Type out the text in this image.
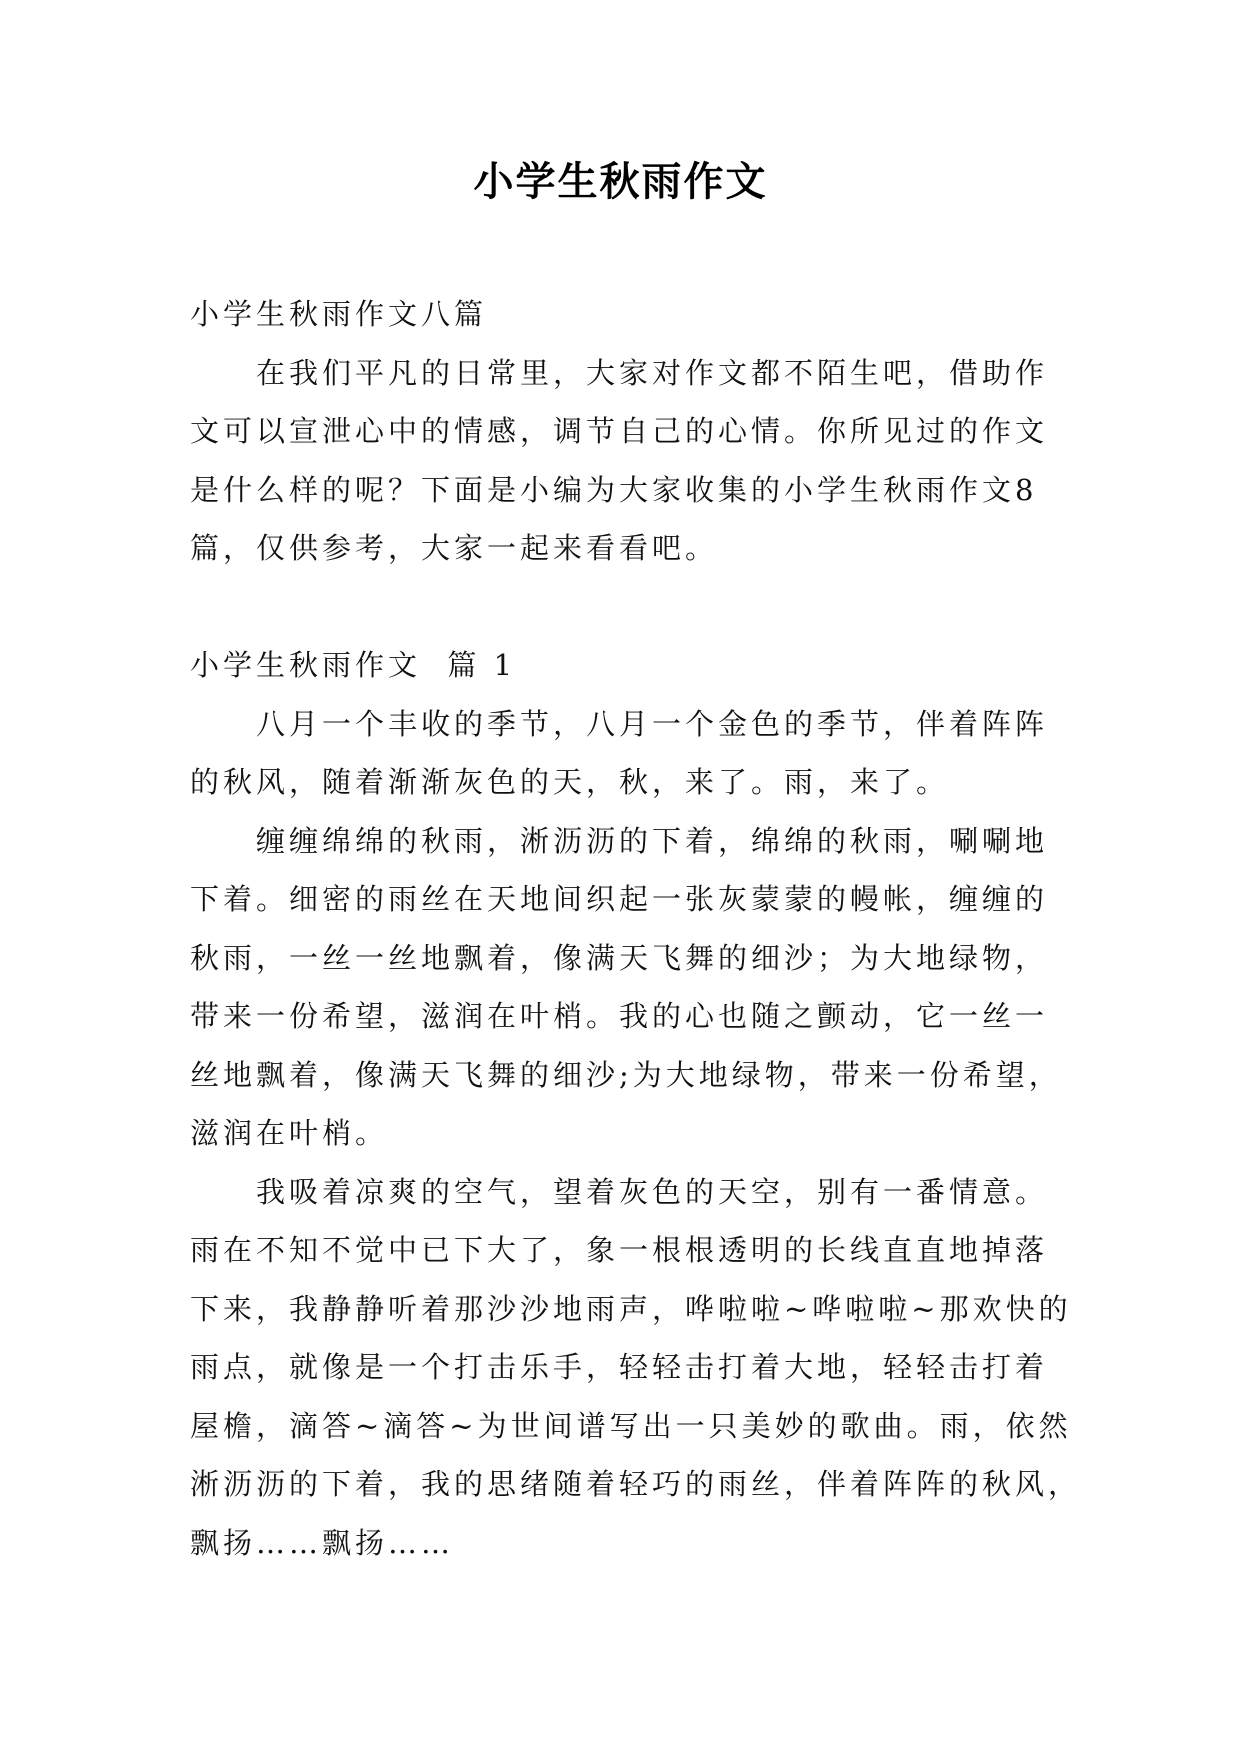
小学生秋雨作文

小学生秋雨作文八篇

在我们平凡的日常里，大家对作文都不陌生吧，借助作

文可以宣泄心中的情感，调节自己的心情。你所见过的作文

是什么样的呢？下面是小编为大家收集的小学生秋雨作文8

篇，仅供参考，大家一起来看看吧。

小学生秋雨作文  篇 1

八月一个丰收的季节，八月一个金色的季节，伴着阵阵

的秋风，随着渐渐灰色的天，秋，来了。雨，来了。

缠缠绵绵的秋雨，淅沥沥的下着，绵绵的秋雨，唰唰地

下着。细密的雨丝在天地间织起一张灰蒙蒙的幔帐，缠缠的

秋雨，一丝一丝地飘着，像满天飞舞的细沙；为大地绿物，

带来一份希望，滋润在叶梢。我的心也随之颤动，它一丝一

丝地飘着，像满天飞舞的细沙;为大地绿物，带来一份希望，

滋润在叶梢。

我吸着凉爽的空气，望着灰色的天空，别有一番情意。

雨在不知不觉中已下大了，象一根根透明的长线直直地掉落

下来，我静静听着那沙沙地雨声，哗啦啦~哗啦啦~那欢快的

雨点，就像是一个打击乐手，轻轻击打着大地，轻轻击打着

屋檐，滴答~滴答~为世间谱写出一只美妙的歌曲。雨，依然

淅沥沥的下着，我的思绪随着轻巧的雨丝，伴着阵阵的秋风，

飘扬……飘扬……
